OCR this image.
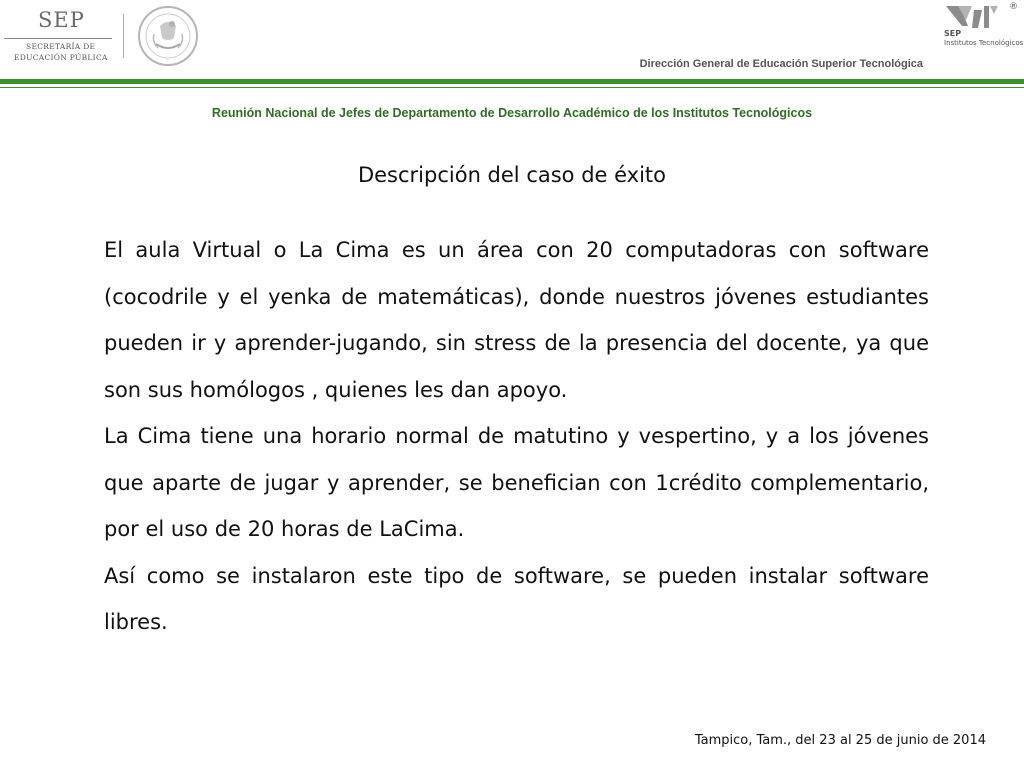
SEP
SECRETARÍA DE
EDUCACIÓN PÚBLICA
®
SEP
Institutos Tecnológicos
Dirección General de Educación Superior Tecnológica
Reunión Nacional de Jefes de Departamento de Desarrollo Académico de los Institutos Tecnológicos
Descripción del caso de éxito

El aula Virtual o La Cima es un área con 20 computadoras con software (cocodrile y el yenka de matemáticas), donde nuestros jóvenes estudiantes pueden ir y aprender-jugando, sin stress de la presencia del docente, ya que son sus homólogos , quienes les dan apoyo.

La Cima tiene una horario normal de matutino y vespertino, y a los jóvenes que aparte de jugar y aprender, se benefician con 1crédito complementario, por el uso de 20 horas de LaCima.

Así como se instalaron este tipo de software, se pueden instalar software libres.

Tampico, Tam., del 23 al 25 de junio de 2014
